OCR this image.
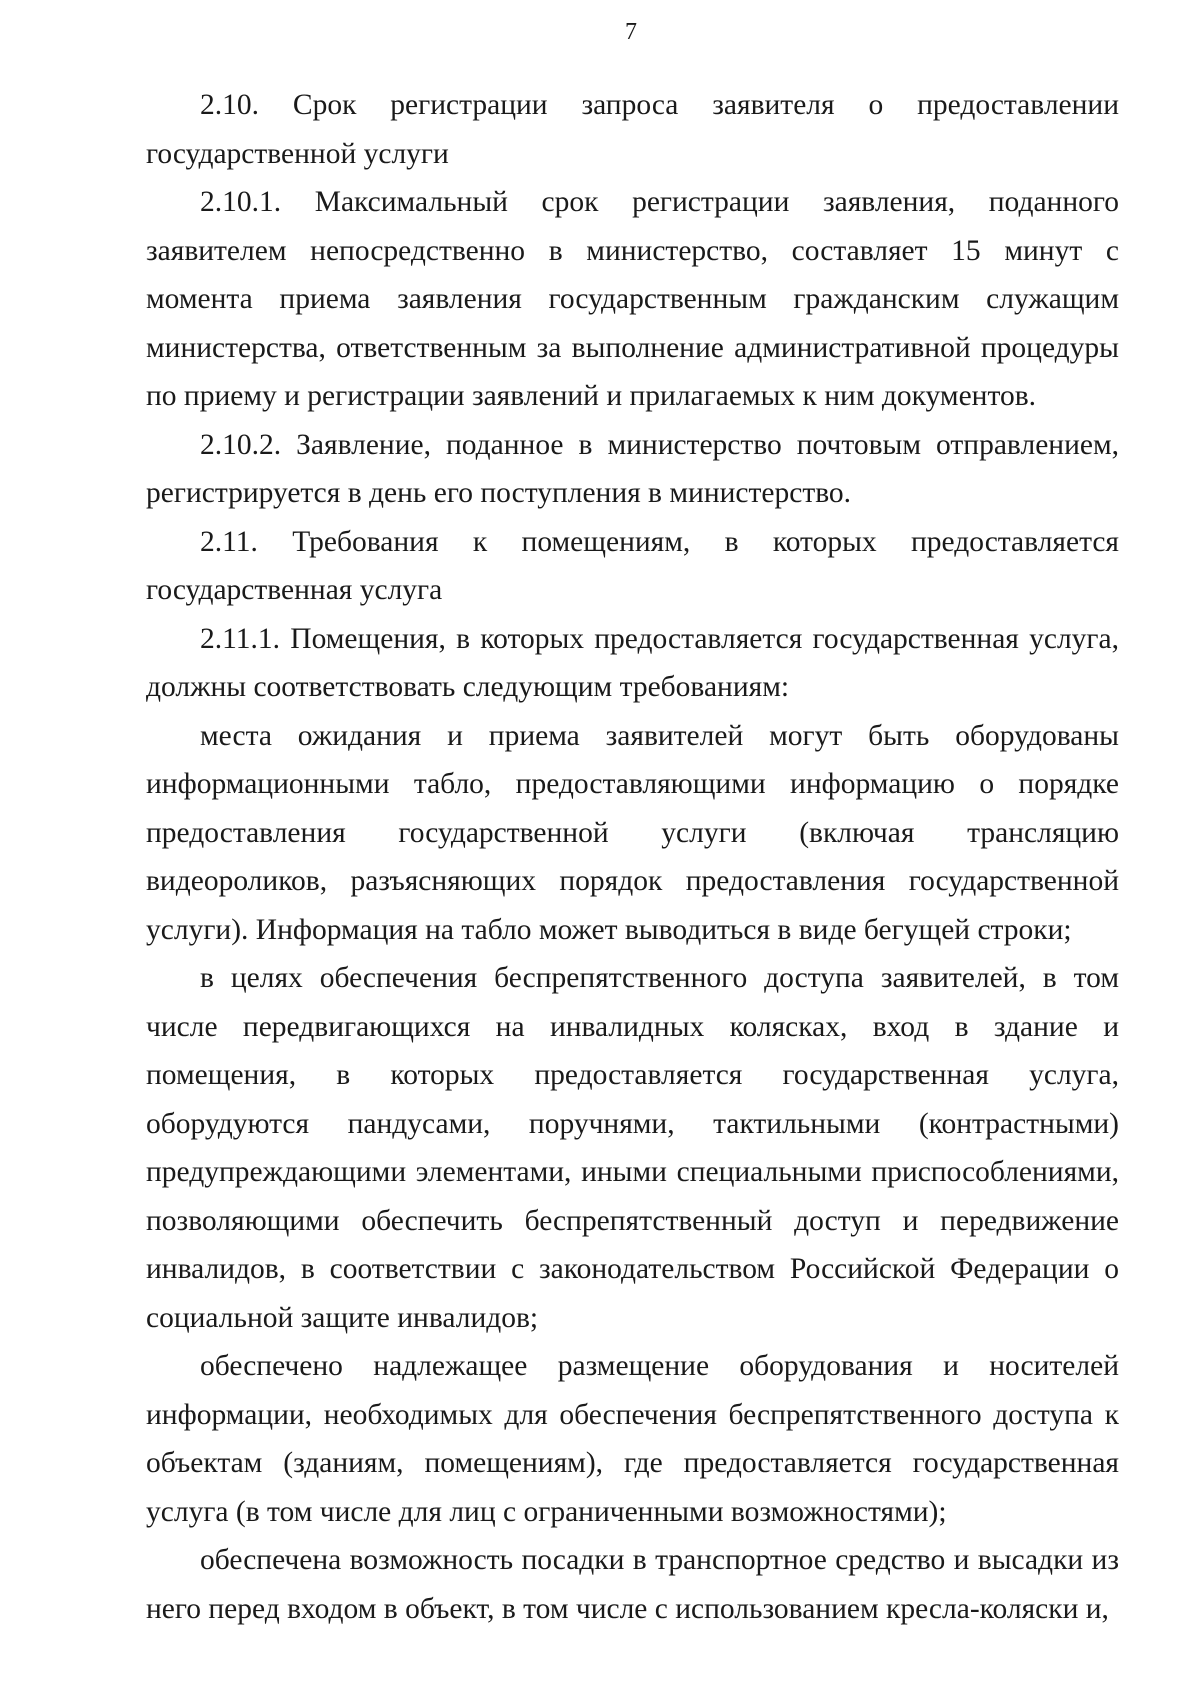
7

2.10. Срок регистрации запроса заявителя о предоставлении государственной услуги

2.10.1. Максимальный срок регистрации заявления, поданного заявителем непосредственно в министерство, составляет 15 минут с момента приема заявления государственным гражданским служащим министерства, ответственным за выполнение административной процедуры по приему и регистрации заявлений и прилагаемых к ним документов.

2.10.2. Заявление, поданное в министерство почтовым отправлением, регистрируется в день его поступления в министерство.

2.11. Требования к помещениям, в которых предоставляется государственная услуга

2.11.1. Помещения, в которых предоставляется государственная услуга, должны соответствовать следующим требованиям:

места ожидания и приема заявителей могут быть оборудованы информационными табло, предоставляющими информацию о порядке предоставления государственной услуги (включая трансляцию видеороликов, разъясняющих порядок предоставления государственной услуги). Информация на табло может выводиться в виде бегущей строки;

в целях обеспечения беспрепятственного доступа заявителей, в том числе передвигающихся на инвалидных колясках, вход в здание и помещения, в которых предоставляется государственная услуга, оборудуются пандусами, поручнями, тактильными (контрастными) предупреждающими элементами, иными специальными приспособлениями, позволяющими обеспечить беспрепятственный доступ и передвижение инвалидов, в соответствии с законодательством Российской Федерации о социальной защите инвалидов;

обеспечено надлежащее размещение оборудования и носителей информации, необходимых для обеспечения беспрепятственного доступа к объектам (зданиям, помещениям), где предоставляется государственная услуга (в том числе для лиц с ограниченными возможностями);

обеспечена возможность посадки в транспортное средство и высадки из него перед входом в объект, в том числе с использованием кресла-коляски и,
